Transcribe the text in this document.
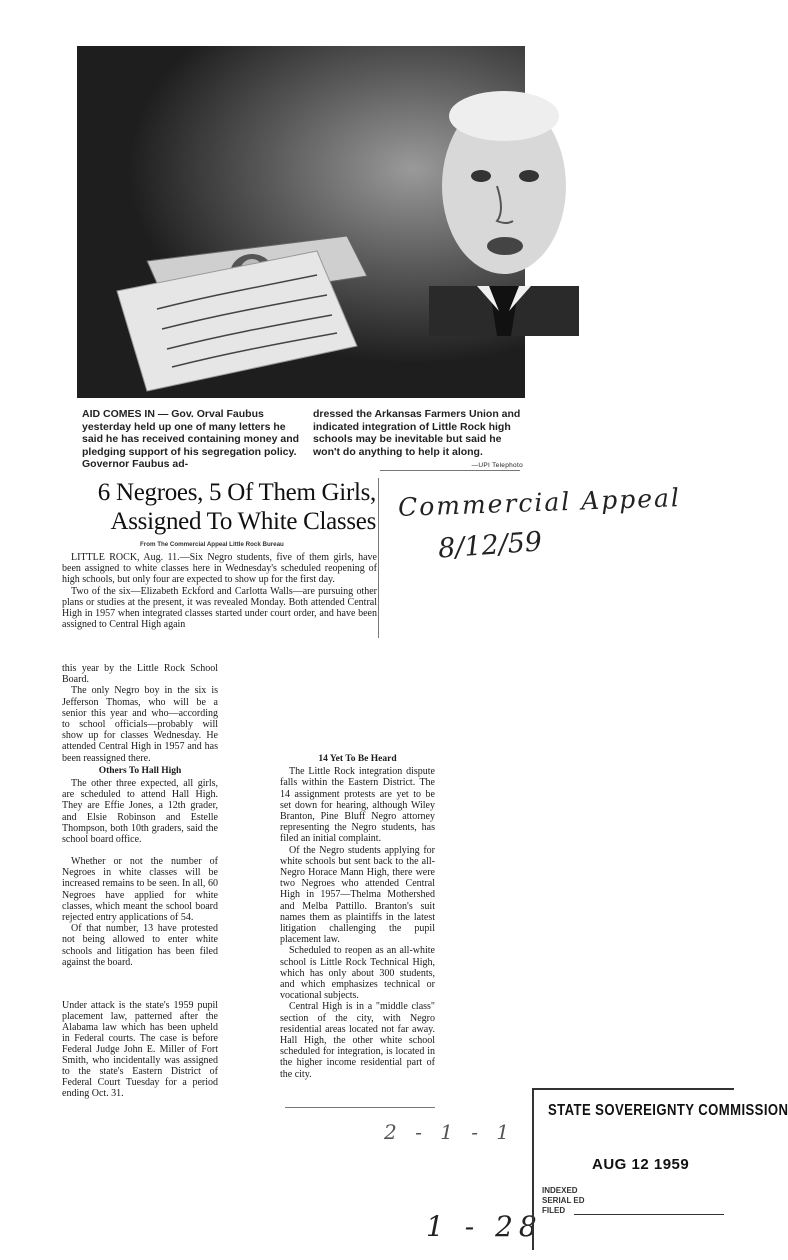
AID COMES IN — Gov. Orval Faubus yesterday held up one of many letters he said he has received containing money and pledging support of his segregation policy. Governor Faubus ad-
dressed the Arkansas Farmers Union and indicated integration of Little Rock high schools may be inevitable but said he won't do anything to help it along.
—UPI Telephoto
6 Negroes, 5 Of Them Girls,
Assigned To White Classes
From The Commercial Appeal Little Rock Bureau

LITTLE ROCK, Aug. 11.—Six Negro students, five of them girls, have been assigned to white classes here in Wednesday's scheduled reopening of high schools, but only four are expected to show up for the first day.

Two of the six—Elizabeth Eckford and Carlotta Walls—are pursuing other plans or studies at the present, it was revealed Monday. Both attended Central High in 1957 when integrated classes started under court order, and have been assigned to Central High again

this year by the Little Rock School Board.

The only Negro boy in the six is Jefferson Thomas, who will be a senior this year and who—according to school officials—probably will show up for classes Wednesday. He attended Central High in 1957 and has been reassigned there.

Others To Hall High

The other three expected, all girls, are scheduled to attend Hall High. They are Effie Jones, a 12th grader, and Elsie Robinson and Estelle Thompson, both 10th graders, said the school board office.

Whether or not the number of Negroes in white classes will be increased remains to be seen. In all, 60 Negroes have applied for white classes, which meant the school board rejected entry applications of 54.

Of that number, 13 have protested not being allowed to enter white schools and litigation has been filed against the board.

Under attack is the state's 1959 pupil placement law, patterned after the Alabama law which has been upheld in Federal courts. The case is before Federal Judge John E. Miller of Fort Smith, who incidentally was assigned to the state's Eastern District of Federal Court Tuesday for a period ending Oct. 31.

14 Yet To Be Heard

The Little Rock integration dispute falls within the Eastern District. The 14 assignment protests are yet to be set down for hearing, although Wiley Branton, Pine Bluff Negro attorney representing the Negro students, has filed an initial complaint.

Of the Negro students applying for white schools but sent back to the all-Negro Horace Mann High, there were two Negroes who attended Central High in 1957—Thelma Mothershed and Melba Pattillo. Branton's suit names them as plaintiffs in the latest litigation challenging the pupil placement law.

Scheduled to reopen as an all-white school is Little Rock Technical High, which has only about 300 students, and which emphasizes technical or vocational subjects.

Central High is in a "middle class" section of the city, with Negro residential areas located not far away. Hall High, the other white school scheduled for integration, is located in the higher income residential part of the city.

Commercial Appeal
8/12/59
2 - 1 - 1
1 - 28
STATE SOVEREIGNTY COMMISSION
AUG 12 1959
INDEXED
SERIAL ED
FILED
